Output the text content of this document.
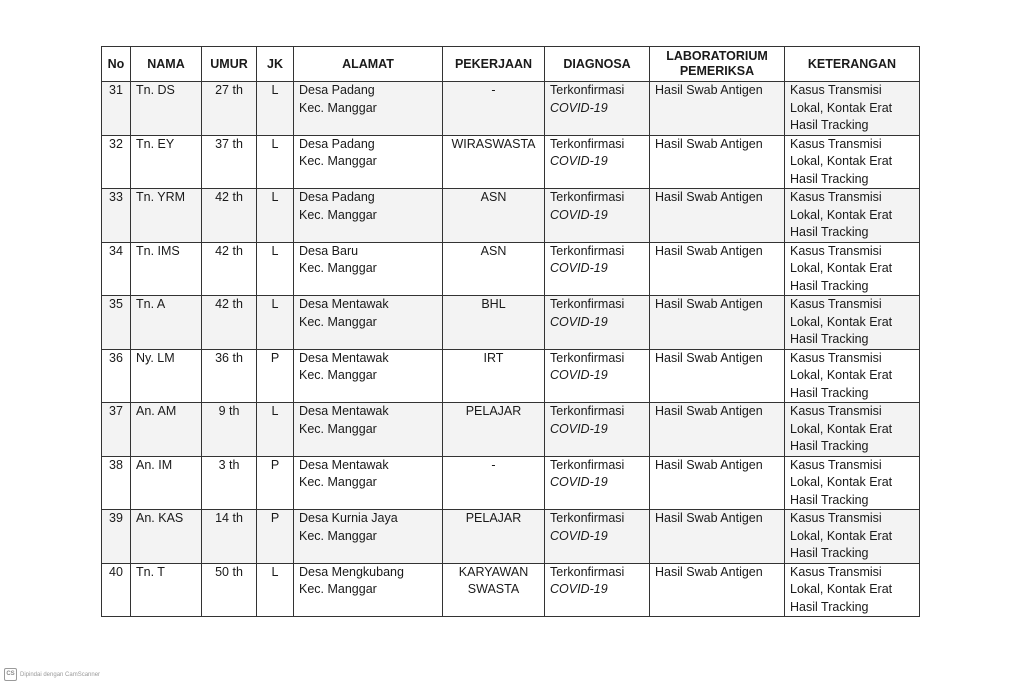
No	NAMA	UMUR	JK	ALAMAT	PEKERJAAN	DIAGNOSA	LABORATORIUM
PEMERIKSA	KETERANGAN
31	Tn. DS	27 th	L	Desa Padang
Kec. Manggar	-	Terkonfirmasi
COVID-19	Hasil Swab Antigen	Kasus Transmisi
Lokal, Kontak Erat
Hasil Tracking

32	Tn. EY	37 th	L	Desa Padang
Kec. Manggar	WIRASWASTA	Terkonfirmasi
COVID-19	Hasil Swab Antigen	Kasus Transmisi
Lokal, Kontak Erat
Hasil Tracking

33	Tn. YRM	42 th	L	Desa Padang
Kec. Manggar	ASN	Terkonfirmasi
COVID-19	Hasil Swab Antigen	Kasus Transmisi
Lokal, Kontak Erat
Hasil Tracking

34	Tn. IMS	42 th	L	Desa Baru
Kec. Manggar	ASN	Terkonfirmasi
COVID-19	Hasil Swab Antigen	Kasus Transmisi
Lokal, Kontak Erat
Hasil Tracking

35	Tn. A	42 th	L	Desa Mentawak
Kec. Manggar	BHL	Terkonfirmasi
COVID-19	Hasil Swab Antigen	Kasus Transmisi
Lokal, Kontak Erat
Hasil Tracking

36	Ny. LM	36 th	P	Desa Mentawak
Kec. Manggar	IRT	Terkonfirmasi
COVID-19	Hasil Swab Antigen	Kasus Transmisi
Lokal, Kontak Erat
Hasil Tracking

37	An. AM	9 th	L	Desa Mentawak
Kec. Manggar	PELAJAR	Terkonfirmasi
COVID-19	Hasil Swab Antigen	Kasus Transmisi
Lokal, Kontak Erat
Hasil Tracking

38	An. IM	3 th	P	Desa Mentawak
Kec. Manggar	-	Terkonfirmasi
COVID-19	Hasil Swab Antigen	Kasus Transmisi
Lokal, Kontak Erat
Hasil Tracking

39	An. KAS	14 th	P	Desa Kurnia Jaya
Kec. Manggar	PELAJAR	Terkonfirmasi
COVID-19	Hasil Swab Antigen	Kasus Transmisi
Lokal, Kontak Erat
Hasil Tracking

40	Tn. T	50 th	L	Desa Mengkubang
Kec. Manggar	KARYAWAN
SWASTA	Terkonfirmasi
COVID-19	Hasil Swab Antigen	Kasus Transmisi
Lokal, Kontak Erat
Hasil Tracking
CS Dipindai dengan CamScanner
